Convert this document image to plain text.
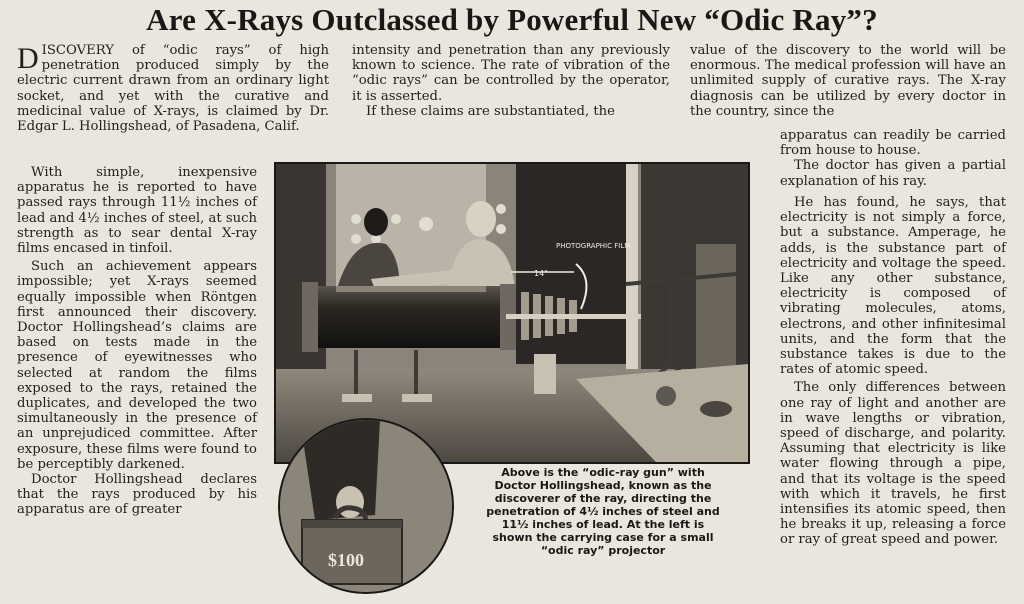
Are X-Rays Outclassed by Powerful New “Odic Ray”?

DISCOVERY of “odic rays” of high penetration produced simply by the electric current drawn from an ordinary light socket, and yet with the curative and medicinal value of X-rays, is claimed by Dr. Edgar L. Hollingshead, of Pasadena, Calif.

With simple, inexpensive apparatus he is reported to have passed rays through 11½ inches of lead and 4½ inches of steel, at such strength as to sear dental X-ray films encased in tinfoil.

Such an achievement appears impossible; yet X-rays seemed equally impossible when Röntgen first announced their discovery. Doctor Hollingshead’s claims are based on tests made in the presence of eyewitnesses who selected at random the films exposed to the rays, retained the duplicates, and developed the two simultaneously in the presence of an unprejudiced committee. After exposure, these films were found to be perceptibly darkened.

Doctor Hollingshead declares that the rays produced by his apparatus are of greater

intensity and penetration than any previously known to science. The rate of vibration of the “odic rays” can be controlled by the operator, it is asserted.

If these claims are substantiated, the

value of the discovery to the world will be enormous. The medical profession will have an unlimited supply of curative rays. The X-ray diagnosis can be utilized by every doctor in the country, since the

apparatus can readily be carried from house to house.

The doctor has given a partial explanation of his ray.

He has found, he says, that electricity is not simply a force, but a substance. Amperage, he adds, is the substance part of electricity and voltage the speed. Like any other substance, electricity is composed of vibrating molecules, atoms, electrons, and other infinitesimal units, and the form that the substance takes is due to the rates of atomic speed.

The only differences between one ray of light and another are in wave lengths or vibration, speed of discharge, and polarity. Assuming that electricity is like water flowing through a pipe, and that its voltage is the speed with which it travels, he first intensifies its atomic speed, then he breaks it up, releasing a force or ray of great speed and power.

PHOTOGRAPHIC FILM
14"
$100
Above is the “odic-ray gun” with
Doctor Hollingshead, known as the
discoverer of the ray, directing the
penetration of 4½ inches of steel and
11½ inches of lead. At the left is
shown the carrying case for a small
“odic ray” projector
